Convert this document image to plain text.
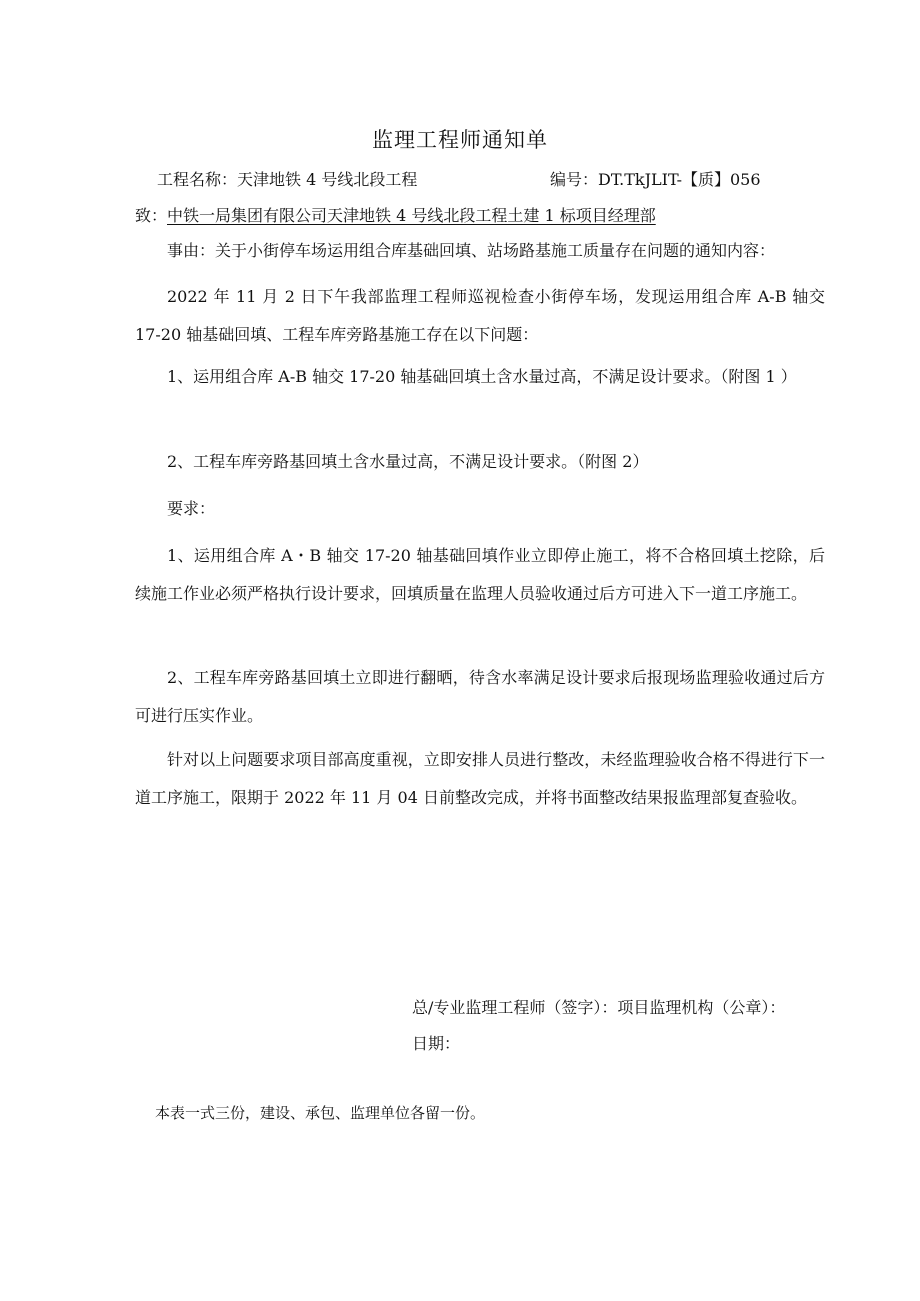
监理工程师通知单
工程名称：天津地铁 4 号线北段工程	编号：DT.TkJLIT-【质】056
致：中铁一局集团有限公司天津地铁 4 号线北段工程土建 1 标项目经理部

事由：关于小街停车场运用组合库基础回填、站场路基施工质量存在问题的通知内容：

2022 年 11 月 2 日下午我部监理工程师巡视检查小街停车场，发现运用组合库 A-B 轴交 17-20 轴基础回填、工程车库旁路基施工存在以下问题：

1、运用组合库 A-B 轴交 17-20 轴基础回填土含水量过高，不满足设计要求。（附图 1 ）

2、工程车库旁路基回填土含水量过高，不满足设计要求。（附图 2）

要求：

1、运用组合库 A・B 轴交 17-20 轴基础回填作业立即停止施工，将不合格回填土挖除，后续施工作业必须严格执行设计要求，回填质量在监理人员验收通过后方可进入下一道工序施工。

2、工程车库旁路基回填土立即进行翻晒，待含水率满足设计要求后报现场监理验收通过后方可进行压实作业。

针对以上问题要求项目部高度重视，立即安排人员进行整改，未经监理验收合格不得进行下一道工序施工，限期于 2022 年 11 月 04 日前整改完成，并将书面整改结果报监理部复查验收。

总/专业监理工程师（签字）：项目监理机构（公章）：日期：

本表一式三份，建设、承包、监理单位各留一份。
